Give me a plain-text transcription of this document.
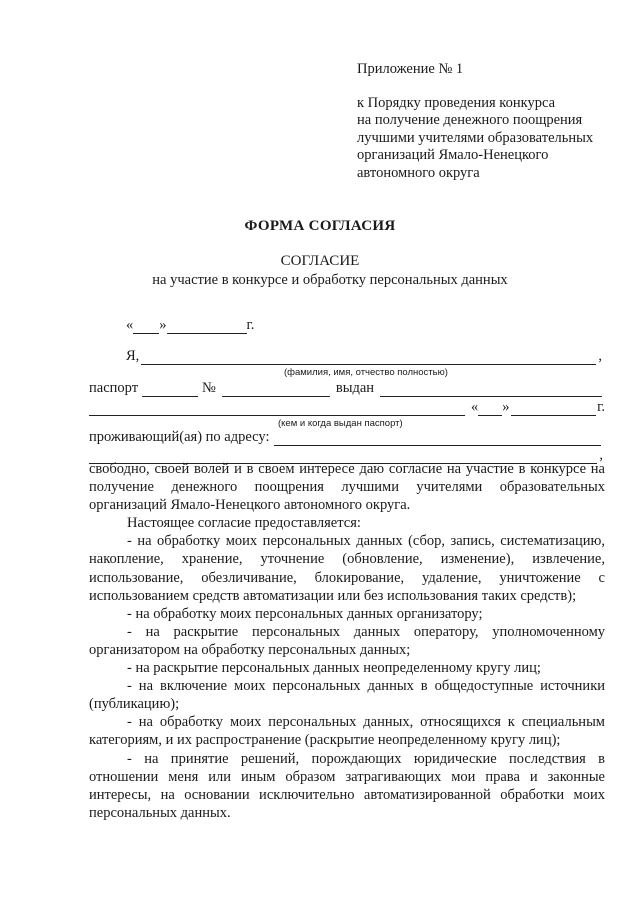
Приложение № 1
к Порядку проведения конкурса
на получение денежного поощрения
лучшими учителями образовательных
организаций Ямало-Ненецкого
автономного округа
ФОРМА СОГЛАСИЯ
СОГЛАСИЕ
на участие в конкурсе и обработку персональных данных
« »	г.
Я,	,
(фамилия, имя, отчество полностью)
паспорт	№	выдан
« »	г.
(кем и когда выдан паспорт)
проживающий(ая) по адресу:
,

свободно, своей волей и в своем интересе даю согласие на участие в конкурсе на получение денежного поощрения лучшими учителями образовательных организаций Ямало-Ненецкого автономного округа.

Настоящее согласие предоставляется:

- на обработку моих персональных данных (сбор, запись, систематизацию, накопление, хранение, уточнение (обновление, изменение), извлечение, использование, обезличивание, блокирование, удаление, уничтожение с использованием средств автоматизации или без использования таких средств);

- на обработку моих персональных данных организатору;

- на раскрытие персональных данных оператору, уполномоченному организатором на обработку персональных данных;

- на раскрытие персональных данных неопределенному кругу лиц;

- на включение моих персональных данных в общедоступные источники (публикацию);

- на обработку моих персональных данных, относящихся к специальным категориям, и их распространение (раскрытие неопределенному кругу лиц);

- на принятие решений, порождающих юридические последствия в отношении меня или иным образом затрагивающих мои права и законные интересы, на основании исключительно автоматизированной обработки моих персональных данных.
